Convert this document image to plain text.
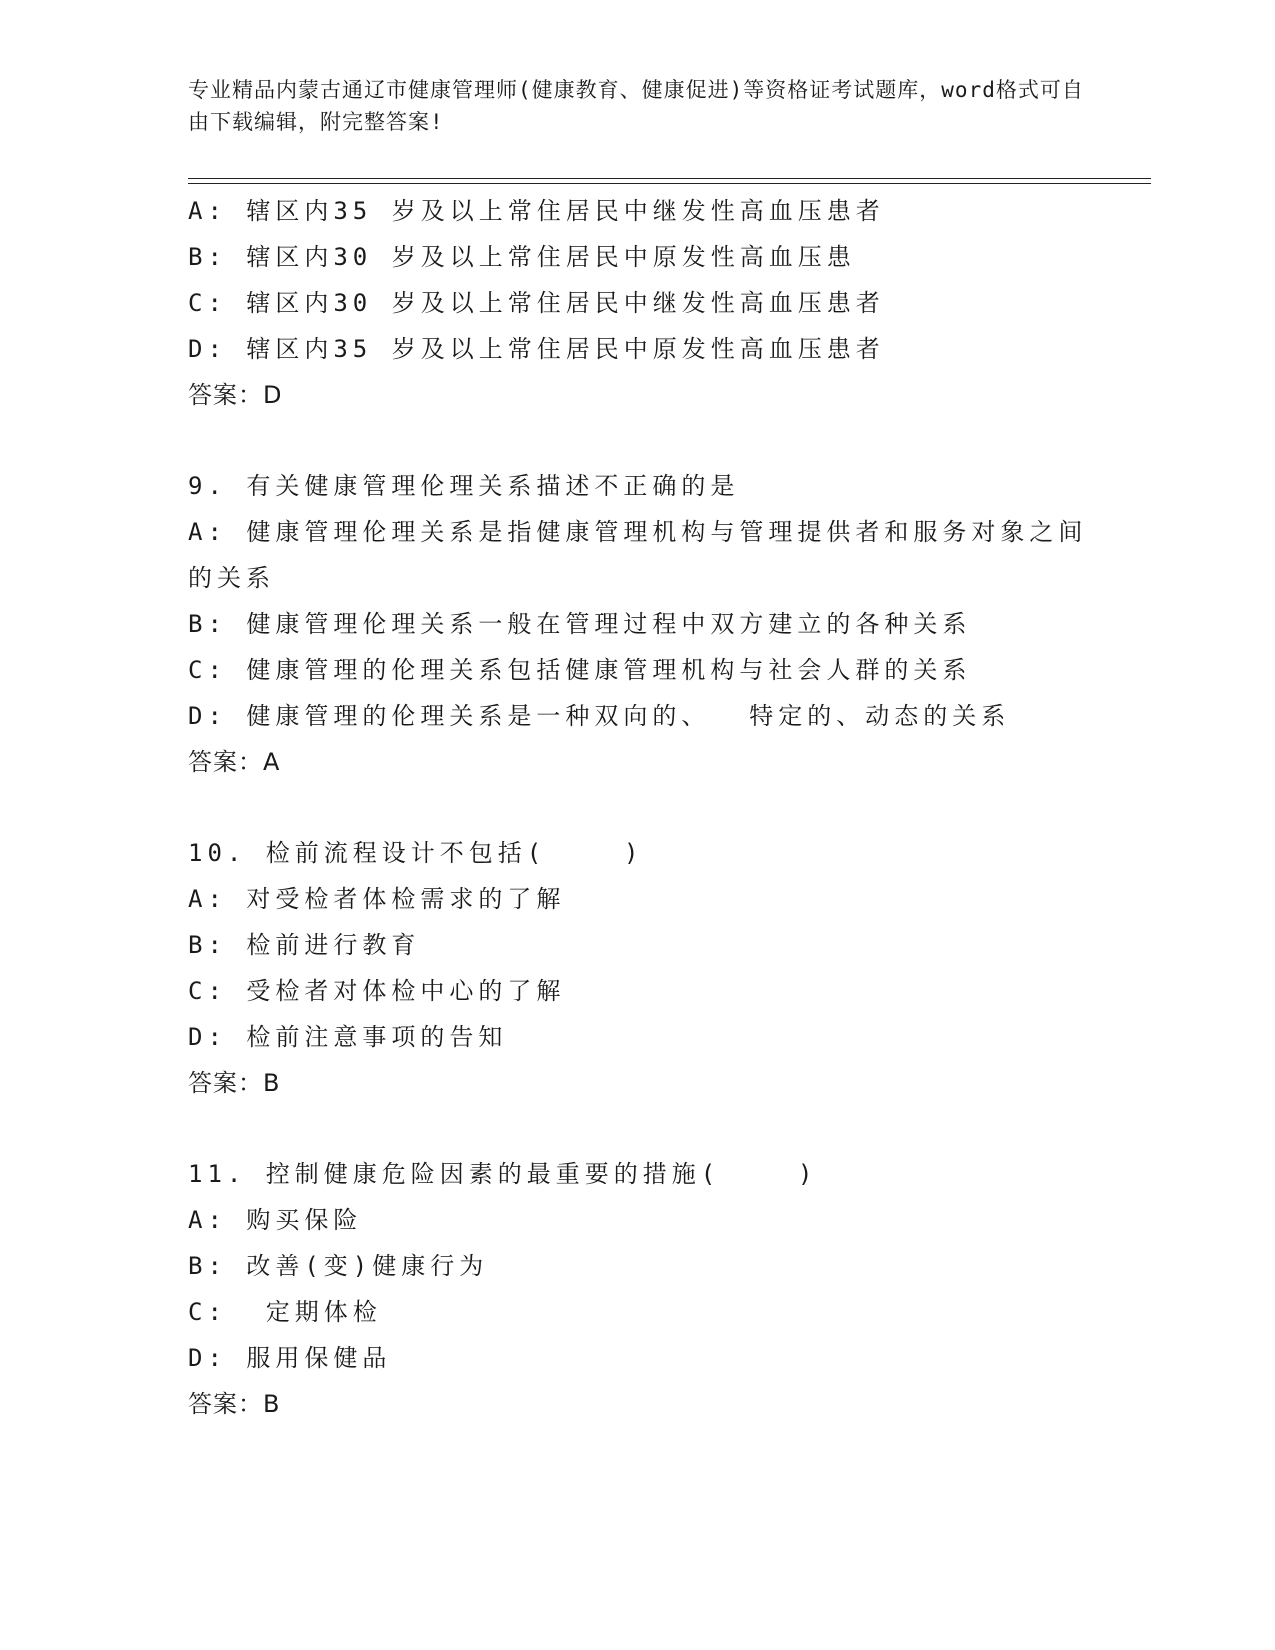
专业精品内蒙古通辽市健康管理师(健康教育、健康促进)等资格证考试题库，word格式可自由下载编辑，附完整答案!
A: 辖区内35 岁及以上常住居民中继发性高血压患者
B: 辖区内30 岁及以上常住居民中原发性高血压患
C: 辖区内30 岁及以上常住居民中继发性高血压患者
D: 辖区内35 岁及以上常住居民中原发性高血压患者
答案：D
9. 有关健康管理伦理关系描述不正确的是
A: 健康管理伦理关系是指健康管理机构与管理提供者和服务对象之间的关系
B: 健康管理伦理关系一般在管理过程中双方建立的各种关系
C: 健康管理的伦理关系包括健康管理机构与社会人群的关系
D: 健康管理的伦理关系是一种双向的、  特定的、动态的关系
答案：A
10. 检前流程设计不包括(    )
A: 对受检者体检需求的了解
B: 检前进行教育
C: 受检者对体检中心的了解
D: 检前注意事项的告知
答案：B
11. 控制健康危险因素的最重要的措施(    )
A: 购买保险
B: 改善(变)健康行为
C:  定期体检
D: 服用保健品
答案：B
